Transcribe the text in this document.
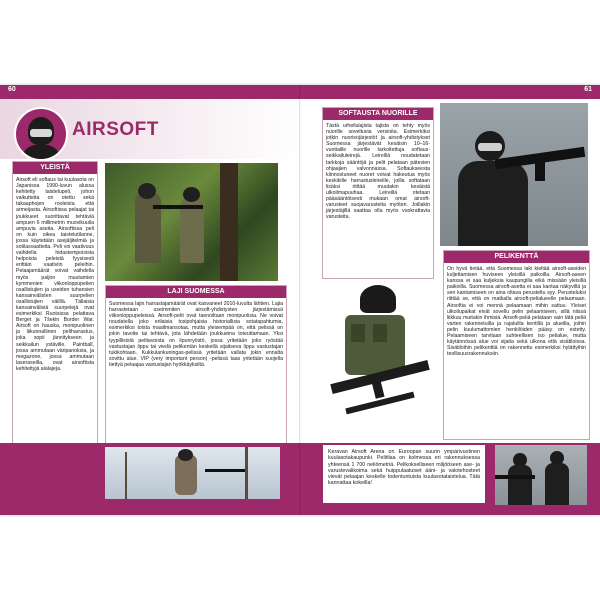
60	61
AIRSOFT
YLEISTÄ
Airsoft eli softaus tai kuulasota on Japanissa 1990-luvun alussa kehitetty taistelupeli, johon vaikutteita on otettu sekä takaaphojen rooleista että armeijasta. Airsoftissa pelaajat tai joukkueet suorittavat tehtäviä ampuen 6 millimetrin muovikuulia ampuvia aseita. Airsoftissa peli on kuin oikea taistelutilanne, jossa käytetään asejäljitelmiä ja sotilasvaatteita. Peli voi vaativuus vaihdella hidastempoisista helpoista peleistä fyysisesti erittäin vaativiin peleihin. Pelaajamäärät voivat vaihdella myös paljon muutamien kymmenien viikonloppupelien osallistujien ja useiden tuhansien kansainvälisten suurpelien osallistujien välillä. Tällaisia kansainvälisiä suurpelejä ovat esimerkiksi Ruotsissa pelattava Berget ja Tšekin Border War. Airsoft on hauska, monipuolinen ja liikunnallinen peliharrastus, joka sopii jännitykseen ja seikkailun ystäville. Paintball, jossa ammutaan väripanoksia, ja megazone, jossa ammutaan laseraseilla, ovat airsoftista kehitettyjä alalajeja.
LAJI SUOMESSA
Suomessa lajin harrastajamäärät ovat kasvaneet 2010-luvulta lähtien. Lajia harrastetaan useimmiten airsoft-yhdistysten järjestämissä viikonloppupeleissä. Airsoft-pelit ovat taenoiltaan monipuolisia. Ne voivat noudatella joko erilaisia tosipohjaisia historiallisia sotatapahtumia, esimerkiksi toista maailmansotaa, mutta yleisempää on, että pelissä on jokin tavoite tai tehtävä, jota lähdetään joukkueina toteuttamaan. Yksi tyypillisistä pelitavoista on lipunryöstö, jossa yritetään joko ryöstää vastustajan lippu tai viedä pelikentän keskellä sijaitseva lippu vastustajan tukikohtaan. Kukkulankuningas-pelissä yritetään vallata jokin ennalta sovittu alue. VIP (very important person) -pelissä taas yritetään suojella tiettyä pelaajaa vastustajan hyökkäyksiltä.
SOFTAUSTA NUORILLE
Tästä urheilulajista tajista on tehty myös nuorille soveltuvia versioita. Esimerkiksi jotkin nuorisojärjestöt ja airsoft-yhdistykset Suomessa järjestävät kesäisin 10–16-vuotiaille nuorille tarkoitettuja softaus-seikkailuleirejä. Leireillä noudatetaan tarkkoja sääntöjä ja pelit pelataan pätevien ohjaajien valvonnassa. Softaukseesta kiinnostuneet nuoret voivat hakeutua myös keskikille harrastusleireille, joilla softataan lisäksi riittää muutakin kesäistä ulkoilmapuuhaa. Leireillä otetaan pääsääntöisesti mukaan omat airsoft-varusteet suojavarusteita myöten. Joillakin järjestäjillä saattaa olla myös vuokrattavia varusteita.
PELIKENTTÄ
On hyvä tietää, että Suomessa laki kieltää airsoft-aseiden kuljettamisen huviseen yleisillä paikoilla. Airsoft-aseen kanssa ei saa kuljeksia kaupungilla eikä missään yleisillä paikoilla. Suomessa airsoft-asetta ei saa kantaa näkyvillä ja sen kantamiseen on aina oltava perusteltu syy. Perusteluksi riittää se, että on matkalla airsoft-pelialueelle pelaamaan. Airsoftia ei voi mennä pelaamaan mihin sattuu. Yleiset ulkoilupaikat eivät sovellu pelin pelaamiseen, sillä niissä liikkuu muitakin ihmisiä. Airsoft-peliä pelataan vain tätä peliä varten rakennetuilla ja rajatuilla kentillä ja alueilla, joihin pelin kuulumattomien henkilöiden pääsy on estetty. Pelaamiseen tarvitaan suhteellisen iso pelialue, mutta käytännössä alue voi sijaita sekä ulkona että sisätiloissa. Sisätiloihin pelikenttiä on rakennettu esimerkiksi hylättyihin teollisuusrakennuksiin.
Keravan Airsoft Arena on Euroopan suurin ympärivuotinen kuulasotakaupunki. Pelitilaa on kolmessa eri rakennuksessa yhteensä 1 700 neliömetriä. Pelikokselliseen miljööseen ase- ja varustevalikoima sekä huippulaatuiset ääni- ja valotehosteet vievät pelaajan keskelle todentuntuista kuulasotataistelua. Tätä kannattaa kokeilla!
